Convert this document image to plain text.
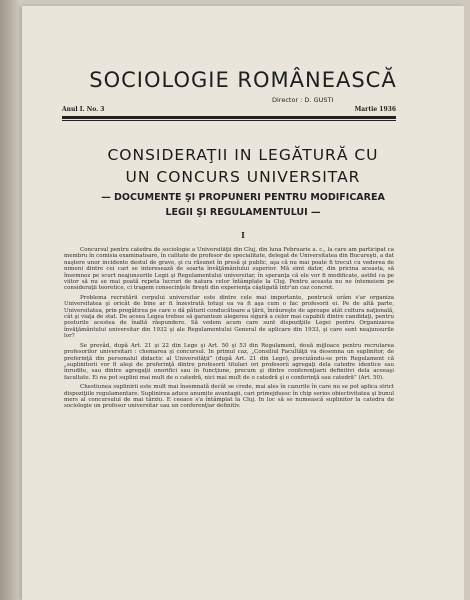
SOCIOLOGIE ROMÂNEASCĂ
Director : D. GUSTI
Anul I. No. 3	Martie 1936
CONSIDERAŢII IN LEGĂTURĂ CU
UN CONCURS UNIVERSITAR
— DOCUMENTE ŞI PROPUNERI PENTRU MODIFICAREA
LEGII ŞI REGULAMENTULUI —
I

Concursul pentru catedra de sociologie a Universităţii din Cluj, din luna Februarie a. c., la care am participat ca membru în comisia examinatoare, în calitate de profesor de specialitate, delegat de Universitatea din Bucureşti, a dat naştere unor incidente destul de grave, şi cu răsunet în presă şi public, aşa că nu mai poate fi trecut cu vederea de nimeni dintre cei cari se interesează de soarta învăţământului superior. Mă simt dator, din pricina aceasta, să însemnez pe scurt neajunsurile Legii şi Regulamentului universitar, în speranţa că ele vor fi modificate, astfel ca pe viitor să nu se mai poată repeta lucruri de natura celor întâmplate la Cluj. Pentru aceasta nu ne întemeiem pe consideraţii teoretice, ci tragem consecinţele fireşti din experienţa câştigată într'un caz concret.

Problema recrutării corpului universitar este dintre cele mai importante, pentrucă urâm s'ar organiza Universitatea şi oricât de bine ar fi înzestrată totuşi ea va fi aşa cum o fac profesorii ei. Pe de altă parte, Universitatea, prin pregătirea pe care o dă păturii conducătoare a ţării, înrâureşte de aproape atât cultura naţională, cât şi viaţa de stat. De aceea Legea trebue să garanteze alegerea sigură a celor mai capabili dintre candidaţi, pentru posturile acestea de înaltă răspundere. Să vedem acum care sunt dispoziţiile Legei pentru Organizarea învăţământului universitar din 1932 şi ale Regulamentului General de aplicare din 1933, şi care sunt neajunsurile lor?

Se prevăd, după Art. 21 şi 22 din Lege şi Art. 50 şi 53 din Regulament, două mijloace pentru recrutarea profesorilor universitari : chemarea şi concursul. In primul caz, „Consiliul Facultăţii va desemna un suplinitor, de preferinţă din personalul didactic al Universităţii” (după Art. 21 din Lege), precizându-se prin Regulament că „suplinitorii vor fi aleşi de preferinţă dintre profesorii titulari ori profesorii agregaţi dela catedre identice sau înrudite, sau dintre agregaţii onorifici sau în funcţiune, precum şi dintre conferenţiarii definitivi dela aceeaşi facultate. Ei nu pot suplini mai mult de o catedră, nici mai mult de o catedră şi o conferinţă sau catedră” (Art. 50).

Chestiunea suplinirii este mult mai însemnată decât se crede, mai ales în cazurile în care nu se pot aplica strict dispoziţiile regulamentare. Suplinirea aduce anumite avantagii, cari primejduesc în chip serios obiectivitatea şi bunul mers al concursului de mai târziu. E ceeace s'a întâmplat la Cluj. In loc să se numească suplinitor la catedra de sociologie un profesor universitar sau un conferenţiar definitiv.
